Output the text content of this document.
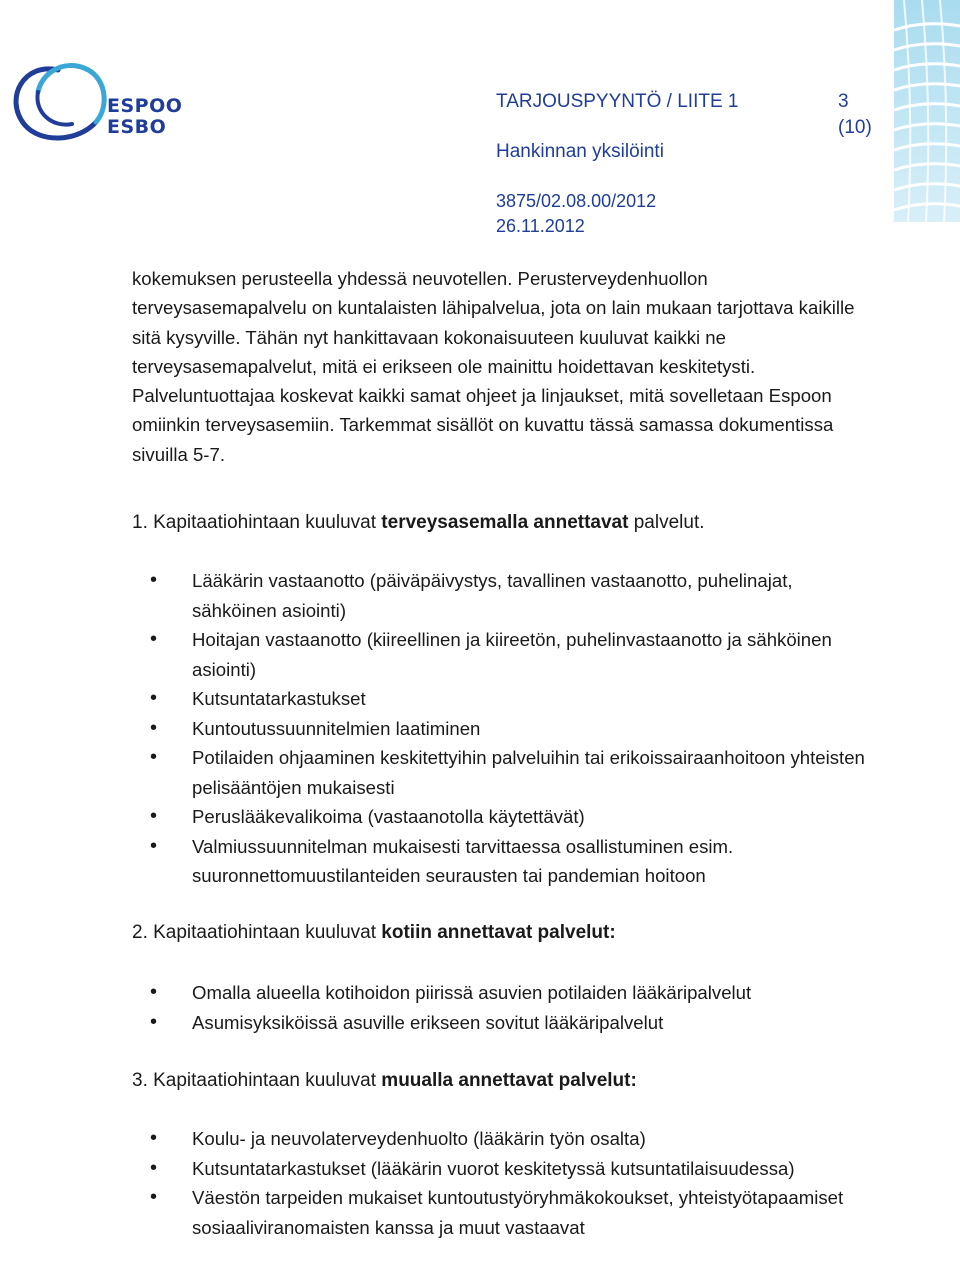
ESPOO
ESBO
TARJOUSPYYNTÖ / LIITE 1	3
(10)
Hankinnan yksilöinti
3875/02.08.00/2012
26.11.2012

kokemuksen perusteella yhdessä neuvotellen. Perusterveydenhuollon terveysasemapalvelu on kuntalaisten lähipalvelua, jota on lain mukaan tarjottava kaikille sitä kysyville. Tähän nyt hankittavaan kokonaisuuteen kuuluvat kaikki ne terveysasemapalvelut, mitä ei erikseen ole mainittu hoidettavan keskitetysti. Palveluntuottajaa koskevat kaikki samat ohjeet ja linjaukset, mitä sovelletaan Espoon omiinkin terveysasemiin. Tarkemmat sisällöt on kuvattu tässä samassa dokumentissa sivuilla 5-7.

1. Kapitaatiohintaan kuuluvat terveysasemalla annettavat palvelut.

• Lääkärin vastaanotto (päiväpäivystys, tavallinen vastaanotto, puhelinajat, sähköinen asiointi)
• Hoitajan vastaanotto (kiireellinen ja kiireetön, puhelinvastaanotto ja sähköinen asiointi)
• Kutsuntatarkastukset
• Kuntoutussuunnitelmien laatiminen
• Potilaiden ohjaaminen keskitettyihin palveluihin tai erikoissairaanhoitoon yhteisten pelisääntöjen mukaisesti
• Peruslääkevalikoima (vastaanotolla käytettävät)
• Valmiussuunnitelman mukaisesti tarvittaessa osallistuminen esim. suuronnettomuustilanteiden seurausten tai pandemian hoitoon

2. Kapitaatiohintaan kuuluvat kotiin annettavat palvelut:

• Omalla alueella kotihoidon piirissä asuvien potilaiden lääkäripalvelut
• Asumisyksiköissä asuville erikseen sovitut lääkäripalvelut

3. Kapitaatiohintaan kuuluvat muualla annettavat palvelut:

• Koulu- ja neuvolaterveydenhuolto (lääkärin työn osalta)
• Kutsuntatarkastukset (lääkärin vuorot keskitetyssä kutsuntatilaisuudessa)
• Väestön tarpeiden mukaiset kuntoutustyöryhmäkokoukset, yhteistyötapaamiset sosiaaliviranomaisten kanssa ja muut vastaavat
